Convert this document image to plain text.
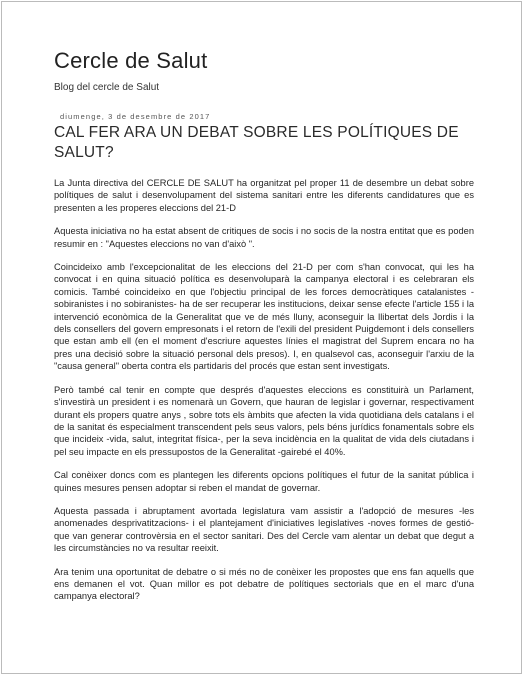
Cercle de Salut
Blog del cercle de Salut
diumenge, 3 de desembre de 2017
CAL FER ARA UN DEBAT SOBRE LES POLÍTIQUES DE SALUT?

La Junta directiva del CERCLE DE SALUT ha organitzat pel proper 11 de desembre un debat sobre polítiques de salut i desenvolupament del sistema sanitari entre les diferents candidatures que es presenten a les properes eleccions del 21-D

Aquesta iniciativa no ha estat absent de critiques de socis i no socis de la nostra entitat que es poden resumir en : "Aquestes eleccions no van d'això ".

Coincideixo amb l'excepcionalitat de les eleccions del 21-D per com s'han convocat, qui les ha convocat i en quina situació política es desenvoluparà la campanya electoral i es celebraran els comicis. També coincideixo en que l'objectiu principal de les forces democràtiques catalanistes -sobiranistes i no sobiranistes- ha de ser recuperar les institucions, deixar sense efecte l'article 155 i la intervenció econòmica de la Generalitat que ve de més lluny, aconseguir la llibertat dels Jordis i la dels consellers del govern empresonats i el retorn de l'exili del president Puigdemont i dels consellers que estan amb ell (en el moment d'escriure aquestes línies el magistrat del Suprem encara no ha pres una decisió sobre la situació personal dels presos). I, en qualsevol cas, aconseguir l'arxiu de la "causa general" oberta contra els partidaris del procés que estan sent investigats.

Però també cal tenir en compte que després d'aquestes eleccions es constituirà un Parlament, s'investirà un president i es nomenarà un Govern, que hauran de legislar i governar, respectivament durant els propers quatre anys , sobre tots els àmbits que afecten la vida quotidiana dels catalans i el de la sanitat és especialment transcendent pels seus valors, pels béns jurídics fonamentals sobre els que incideix -vida, salut, integritat física-, per la seva incidència en la qualitat de vida dels ciutadans i pel seu impacte en els pressupostos de la Generalitat -gairebé el 40%.

Cal conèixer doncs com es plantegen les diferents opcions polítiques el futur de la sanitat pública i quines mesures pensen adoptar si reben el mandat de governar.

Aquesta passada i abruptament avortada legislatura vam assistir a l'adopció de mesures -les anomenades desprivatitzacions- i el plantejament d'iniciatives legislatives -noves formes de gestió- que van generar controvèrsia en el sector sanitari. Des del Cercle vam alentar un debat que degut a les circumstàncies no va resultar reeixit.

Ara tenim una oportunitat de debatre o si més no de conèixer les propostes que ens fan aquells que ens demanen el vot. Quan millor es pot debatre de polítiques sectorials que en el marc d'una campanya electoral?
